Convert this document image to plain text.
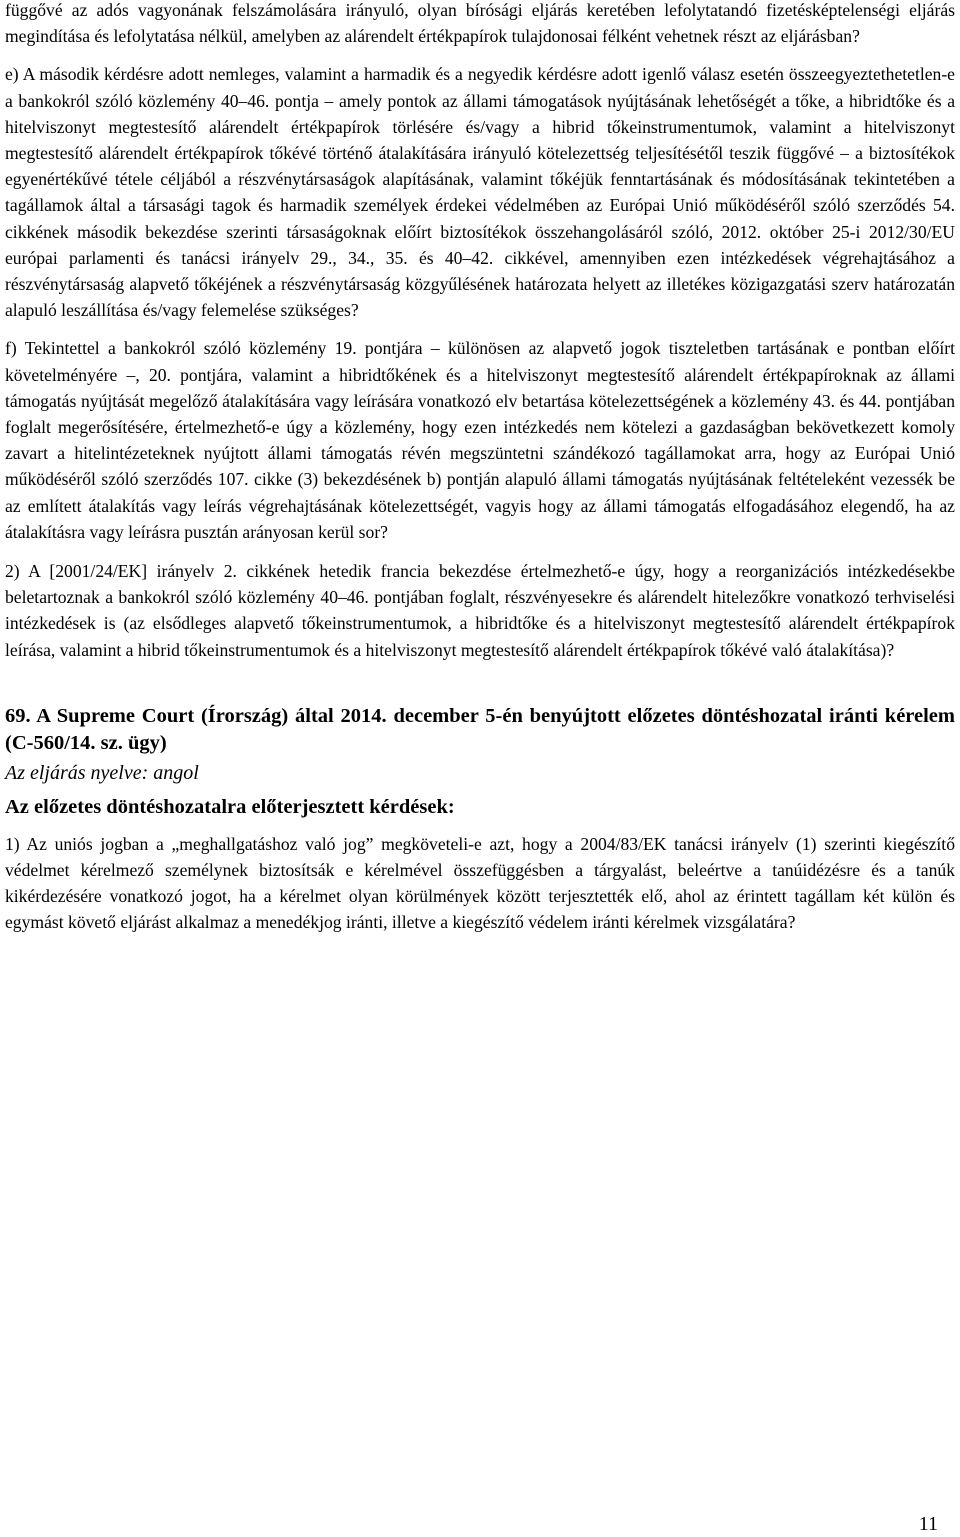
függővé az adós vagyonának felszámolására irányuló, olyan bírósági eljárás keretében lefolytatandó fizetésképtelenségi eljárás megindítása és lefolytatása nélkül, amelyben az alárendelt értékpapírok tulajdonosai félként vehetnek részt az eljárásban?

e) A második kérdésre adott nemleges, valamint a harmadik és a negyedik kérdésre adott igenlő válasz esetén összeegyeztethetetlen-e a bankokról szóló közlemény 40‒46. pontja ‒ amely pontok az állami támogatások nyújtásának lehetőségét a tőke, a hibridtőke és a hitelviszonyt megtestesítő alárendelt értékpapírok törlésére és/vagy a hibrid tőkeinstrumentumok, valamint a hitelviszonyt megtestesítő alárendelt értékpapírok tőkévé történő átalakítására irányuló kötelezettség teljesítésétől teszik függővé ‒ a biztosítékok egyenértékűvé tétele céljából a részvénytársaságok alapításának, valamint tőkéjük fenntartásának és módosításának tekintetében a tagállamok által a társasági tagok és harmadik személyek érdekei védelmében az Európai Unió működéséről szóló szerződés 54. cikkének második bekezdése szerinti társaságoknak előírt biztosítékok összehangolásáról szóló, 2012. október 25-i 2012/30/EU európai parlamenti és tanácsi irányelv 29., 34., 35. és 40‒42. cikkével, amennyiben ezen intézkedések végrehajtásához a részvénytársaság alapvető tőkéjének a részvénytársaság közgyűlésének határozata helyett az illetékes közigazgatási szerv határozatán alapuló leszállítása és/vagy felemelése szükséges?

f) Tekintettel a bankokról szóló közlemény 19. pontjára ‒ különösen az alapvető jogok tiszteletben tartásának e pontban előírt követelményére ‒, 20. pontjára, valamint a hibridtőkének és a hitelviszonyt megtestesítő alárendelt értékpapíroknak az állami támogatás nyújtását megelőző átalakítására vagy leírására vonatkozó elv betartása kötelezettségének a közlemény 43. és 44. pontjában foglalt megerősítésére, értelmezhető-e úgy a közlemény, hogy ezen intézkedés nem kötelezi a gazdaságban bekövetkezett komoly zavart a hitelintézeteknek nyújtott állami támogatás révén megszüntetni szándékozó tagállamokat arra, hogy az Európai Unió működéséről szóló szerződés 107. cikke (3) bekezdésének b) pontján alapuló állami támogatás nyújtásának feltételeként vezessék be az említett átalakítás vagy leírás végrehajtásának kötelezettségét, vagyis hogy az állami támogatás elfogadásához elegendő, ha az átalakításra vagy leírásra pusztán arányosan kerül sor?

2) A [2001/24/EK] irányelv 2. cikkének hetedik francia bekezdése értelmezhető-e úgy, hogy a reorganizációs intézkedésekbe beletartoznak a bankokról szóló közlemény 40‒46. pontjában foglalt, részvényesekre és alárendelt hitelezőkre vonatkozó terhviselési intézkedések is (az elsődleges alapvető tőkeinstrumentumok, a hibridtőke és a hitelviszonyt megtestesítő alárendelt értékpapírok leírása, valamint a hibrid tőkeinstrumentumok és a hitelviszonyt megtestesítő alárendelt értékpapírok tőkévé való átalakítása)?

69. A Supreme Court (Írország) által 2014. december 5-én benyújtott előzetes döntéshozatal iránti kérelem (C-560/14. sz. ügy)

Az eljárás nyelve: angol

Az előzetes döntéshozatalra előterjesztett kérdések:

1) Az uniós jogban a „meghallgatáshoz való jog” megköveteli-e azt, hogy a 2004/83/EK tanácsi irányelv (1) szerinti kiegészítő védelmet kérelmező személynek biztosítsák e kérelmével összefüggésben a tárgyalást, beleértve a tanúidézésre és a tanúk kikérdezésére vonatkozó jogot, ha a kérelmet olyan körülmények között terjesztették elő, ahol az érintett tagállam két külön és egymást követő eljárást alkalmaz a menedékjog iránti, illetve a kiegészítő védelem iránti kérelmek vizsgálatára?

11
